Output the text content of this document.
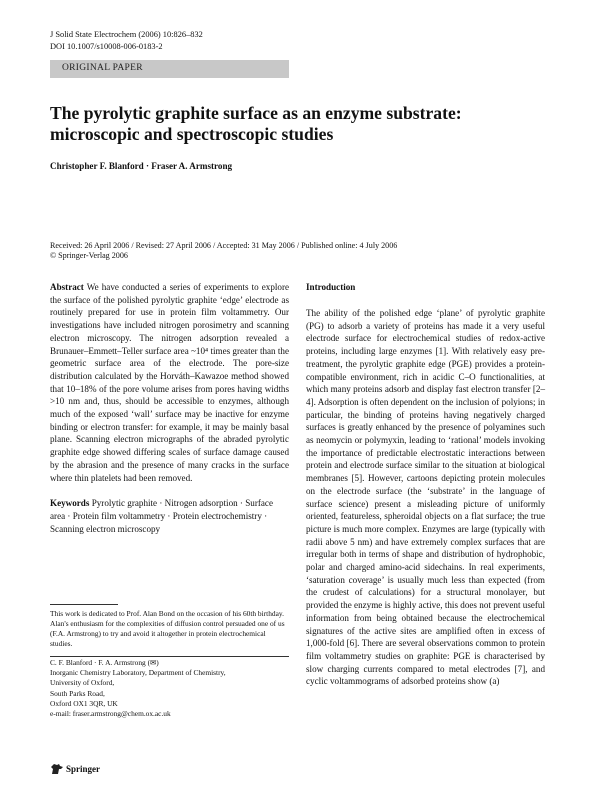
J Solid State Electrochem (2006) 10:826–832
DOI 10.1007/s10008-006-0183-2
ORIGINAL PAPER
The pyrolytic graphite surface as an enzyme substrate:
microscopic and spectroscopic studies
Christopher F. Blanford · Fraser A. Armstrong
Received: 26 April 2006 / Revised: 27 April 2006 / Accepted: 31 May 2006 / Published online: 4 July 2006
© Springer-Verlag 2006

Abstract We have conducted a series of experiments to explore the surface of the polished pyrolytic graphite ‘edge’ electrode as routinely prepared for use in protein film voltammetry. Our investigations have included nitrogen porosimetry and scanning electron microscopy. The nitrogen adsorption revealed a Brunauer–Emmett–Teller surface area ~10⁴ times greater than the geometric surface area of the electrode. The pore-size distribution calculated by the Horváth–Kawazoe method showed that 10–18% of the pore volume arises from pores having widths >10 nm and, thus, should be accessible to enzymes, although much of the exposed ‘wall’ surface may be inactive for enzyme binding or electron transfer: for example, it may be mainly basal plane. Scanning electron micrographs of the abraded pyrolytic graphite edge showed differing scales of surface damage caused by the abrasion and the presence of many cracks in the surface where thin platelets had been removed.

Keywords Pyrolytic graphite · Nitrogen adsorption · Surface area · Protein film voltammetry · Protein electrochemistry · Scanning electron microscopy

This work is dedicated to Prof. Alan Bond on the occasion of his 60th birthday. Alan's enthusiasm for the complexities of diffusion control persuaded one of us (F.A. Armstrong) to try and avoid it altogether in protein electrochemical studies.

C. F. Blanford · F. A. Armstrong (✉)
Inorganic Chemistry Laboratory, Department of Chemistry,
University of Oxford,
South Parks Road,
Oxford OX1 3QR, UK
e-mail: fraser.armstrong@chem.ox.ac.uk
Introduction

The ability of the polished edge ‘plane’ of pyrolytic graphite (PG) to adsorb a variety of proteins has made it a very useful electrode surface for electrochemical studies of redox-active proteins, including large enzymes [1]. With relatively easy pre-treatment, the pyrolytic graphite edge (PGE) provides a protein-compatible environment, rich in acidic C–O functionalities, at which many proteins adsorb and display fast electron transfer [2–4]. Adsorption is often dependent on the inclusion of polyions; in particular, the binding of proteins having negatively charged surfaces is greatly enhanced by the presence of polyamines such as neomycin or polymyxin, leading to ‘rational’ models invoking the importance of predictable electrostatic interactions between protein and electrode surface similar to the situation at biological membranes [5]. However, cartoons depicting protein molecules on the electrode surface (the ‘substrate’ in the language of surface science) present a misleading picture of uniformly oriented, featureless, spheroidal objects on a flat surface; the true picture is much more complex. Enzymes are large (typically with radii above 5 nm) and have extremely complex surfaces that are irregular both in terms of shape and distribution of hydrophobic, polar and charged amino-acid sidechains. In real experiments, ‘saturation coverage’ is usually much less than expected (from the crudest of calculations) for a structural monolayer, but provided the enzyme is highly active, this does not prevent useful information from being obtained because the electrochemical signatures of the active sites are amplified often in excess of 1,000-fold [6]. There are several observations common to protein film voltammetry studies on graphite: PGE is characterised by slow charging currents compared to metal electrodes [7], and cyclic voltammograms of adsorbed proteins show (a)

Springer
